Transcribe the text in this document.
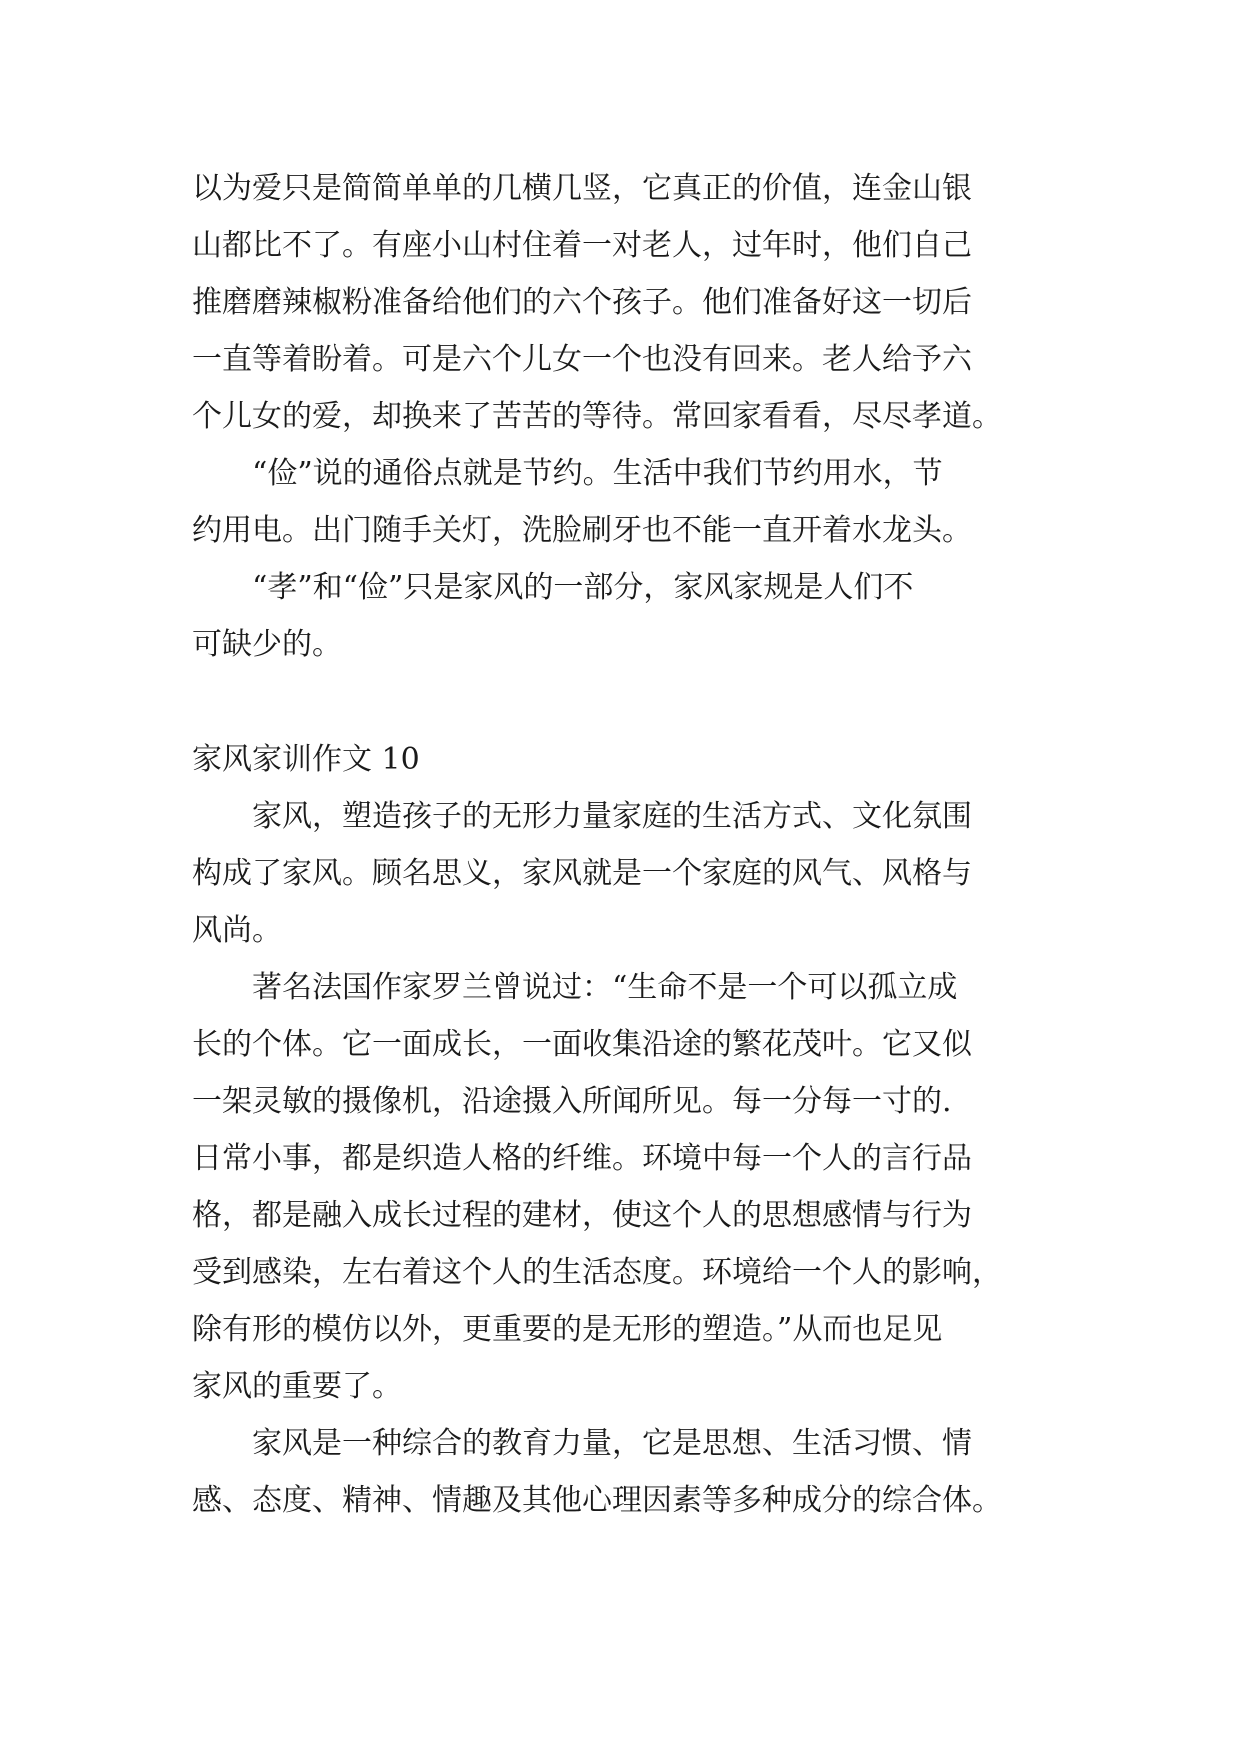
以为爱只是简简单单的几横几竖，它真正的价值，连金山银
山都比不了。有座小山村住着一对老人，过年时，他们自己
推磨磨辣椒粉准备给他们的六个孩子。他们准备好这一切后
一直等着盼着。可是六个儿女一个也没有回来。老人给予六
个儿女的爱，却换来了苦苦的等待。常回家看看，尽尽孝道。
　　“俭”说的通俗点就是节约。生活中我们节约用水，节
约用电。出门随手关灯，洗脸刷牙也不能一直开着水龙头。
　　“孝”和“俭”只是家风的一部分，家风家规是人们不
可缺少的。
家风家训作文 10
　　家风，塑造孩子的无形力量家庭的生活方式、文化氛围
构成了家风。顾名思义，家风就是一个家庭的风气、风格与
风尚。
　　著名法国作家罗兰曾说过：“生命不是一个可以孤立成
长的个体。它一面成长，一面收集沿途的繁花茂叶。它又似
一架灵敏的摄像机，沿途摄入所闻所见。每一分每一寸的.
日常小事，都是织造人格的纤维。环境中每一个人的言行品
格，都是融入成长过程的建材，使这个人的思想感情与行为
受到感染，左右着这个人的生活态度。环境给一个人的影响，
除有形的模仿以外，更重要的是无形的塑造。”从而也足见
家风的重要了。
　　家风是一种综合的教育力量，它是思想、生活习惯、情
感、态度、精神、情趣及其他心理因素等多种成分的综合体。
